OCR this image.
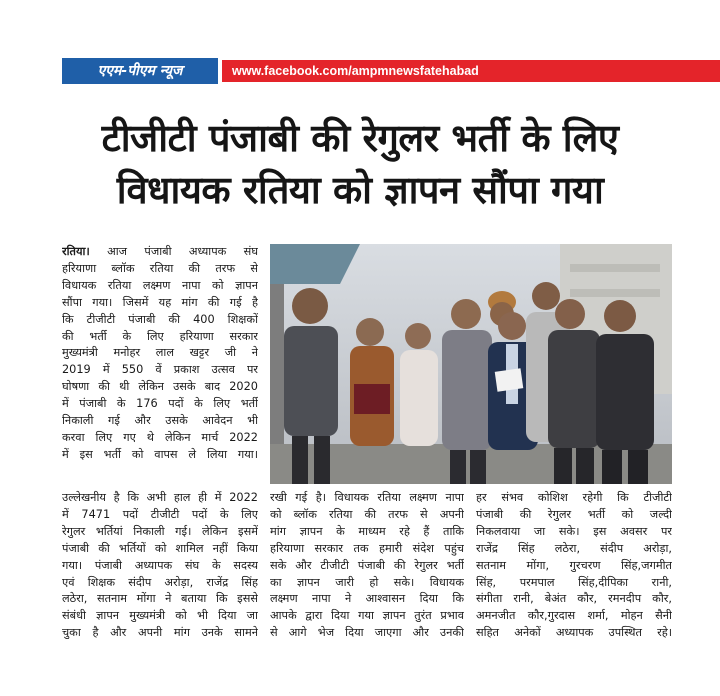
एएम-पीएम न्यूज	www.facebook.com/ampmnewsfatehabad
टीजीटी पंजाबी की रेगुलर भर्ती के लिए
विधायक रतिया को ज्ञापन सौंपा गया
रतिया। आज पंजाबी अध्यापक संघ
हरियाणा ब्लॉक रतिया की तरफ से
विधायक रतिया लक्ष्मण नापा को ज्ञापन
सौंपा गया। जिसमें यह मांग की गई है
कि टीजीटी पंजाबी की 400 शिक्षकों
की भर्ती के लिए हरियाणा सरकार
मुख्यमंत्री मनोहर लाल खट्टर जी ने
2019 में 550 वें प्रकाश उत्सव पर
घोषणा की थी लेकिन उसके बाद 2020
में पंजाबी के 176 पदों के लिए भर्ती
निकाली गई और उसके आवेदन भी
करवा लिए गए थे लेकिन मार्च 2022
में इस भर्ती को वापस ले लिया गया।
उल्लेखनीय है कि अभी हाल ही में 2022
में 7471 पदों टीजीटी पदों के लिए
रेगुलर भर्तियां निकाली गई। लेकिन इसमें
पंजाबी की भर्तियों को शामिल नहीं किया
गया। पंजाबी अध्यापक संघ के सदस्य
एवं शिक्षक संदीप अरोड़ा, राजेंद्र सिंह
लठेरा, सतनाम मोंगा ने बताया कि इससे
संबंधी ज्ञापन मुख्यमंत्री को भी दिया जा
चुका है और अपनी मांग उनके सामने
रखी गई है। विधायक रतिया लक्ष्मण नापा
को ब्लॉक रतिया की तरफ से अपनी
मांग ज्ञापन के माध्यम रहे हैं ताकि
हरियाणा सरकार तक हमारी संदेश पहुंच
सके और टीजीटी पंजाबी की रेगुलर भर्ती
का ज्ञापन जारी हो सके। विधायक
लक्ष्मण नापा ने आश्वासन दिया कि
आपके द्वारा दिया गया ज्ञापन तुरंत प्रभाव
से आगे भेज दिया जाएगा और उनकी
हर संभव कोशिश रहेगी कि टीजीटी
पंजाबी की रेगुलर भर्ती को जल्दी
निकलवाया जा सके। इस अवसर पर
राजेंद्र सिंह लठेरा, संदीप अरोड़ा,
सतनाम मोंगा, गुरचरण सिंह,जगमीत
सिंह, परमपाल सिंह,दीपिका रानी,
संगीता रानी, बेअंत कौर, रमनदीप कौर,
अमनजीत कौर,गुरदास शर्मा, मोहन सैनी
सहित अनेकों अध्यापक उपस्थित रहे।
